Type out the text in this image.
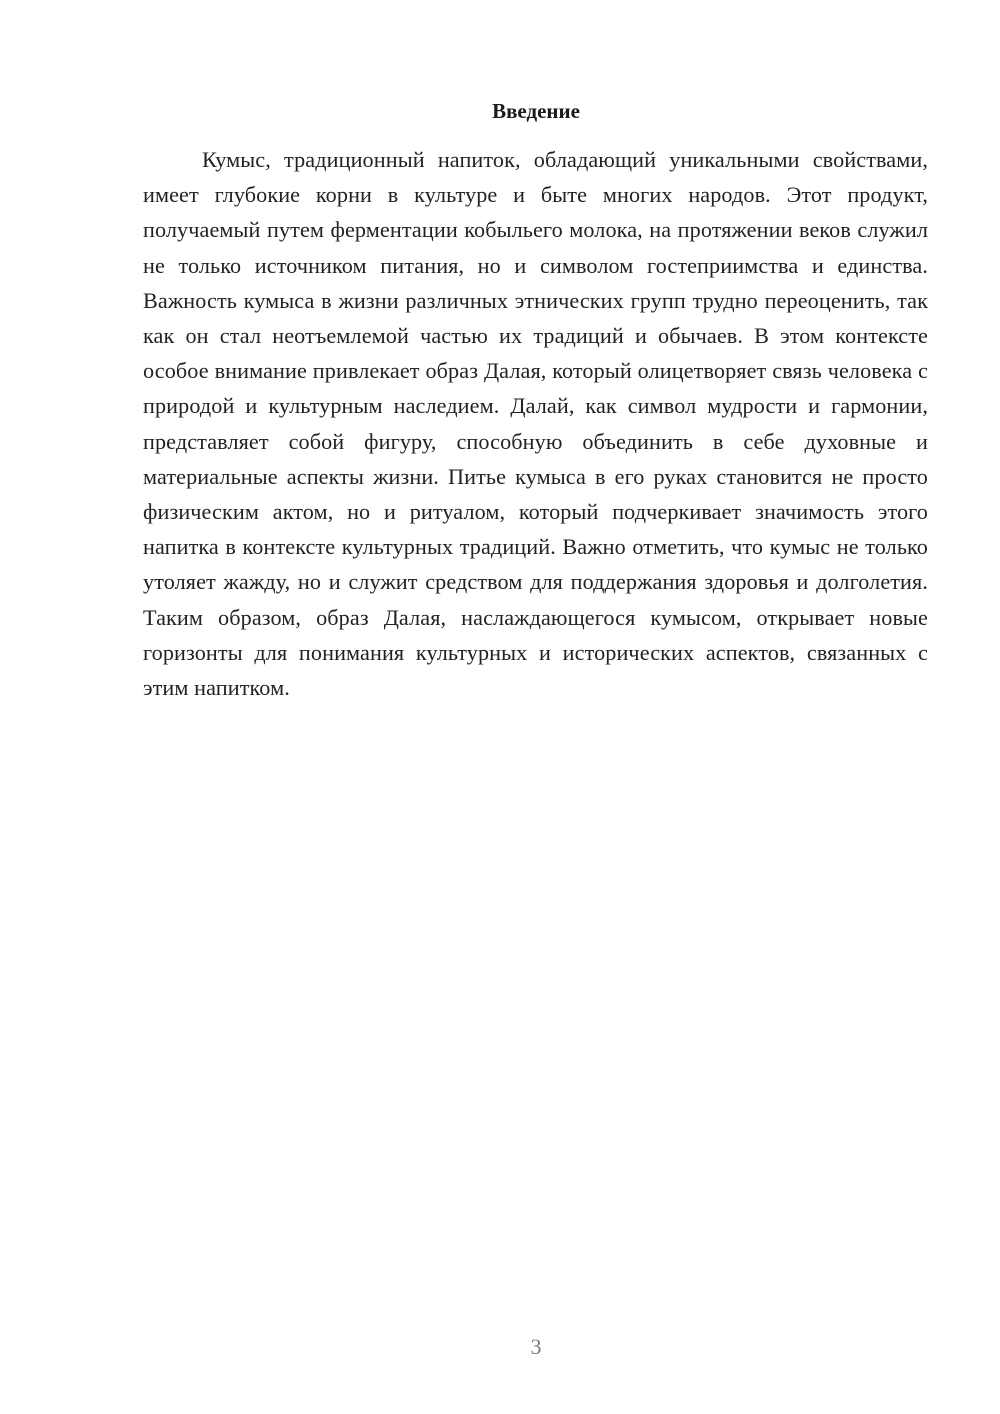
Введение

Кумыс, традиционный напиток, обладающий уникальными свойствами, имеет глубокие корни в культуре и быте многих народов. Этот продукт, получаемый путем ферментации кобыльего молока, на протяжении веков служил не только источником питания, но и символом гостеприимства и единства. Важность кумыса в жизни различных этнических групп трудно переоценить, так как он стал неотъемлемой частью их традиций и обычаев. В этом контексте особое внимание привлекает образ Далая, который олицетворяет связь человека с природой и культурным наследием. Далай, как символ мудрости и гармонии, представляет собой фигуру, способную объединить в себе духовные и материальные аспекты жизни. Питье кумыса в его руках становится не просто физическим актом, но и ритуалом, который подчеркивает значимость этого напитка в контексте культурных традиций. Важно отметить, что кумыс не только утоляет жажду, но и служит средством для поддержания здоровья и долголетия. Таким образом, образ Далая, наслаждающегося кумысом, открывает новые горизонты для понимания культурных и исторических аспектов, связанных с этим напитком.

3
